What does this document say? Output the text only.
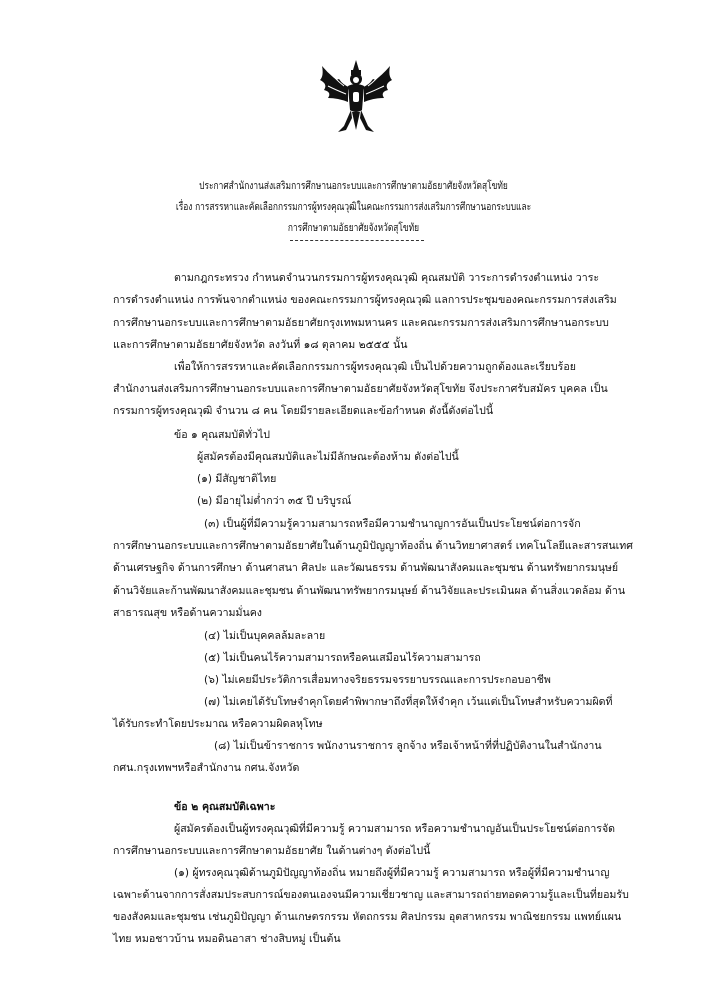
ประกาศสำนักงานส่งเสริมการศึกษานอกระบบและการศึกษาตามอัธยาศัยจังหวัดสุโขทัย
เรื่อง การสรรหาและคัดเลือกกรรมการผู้ทรงคุณวุฒิในคณะกรรมการส่งเสริมการศึกษานอกระบบและ
การศึกษาตามอัธยาศัยจังหวัดสุโขทัย
ตามกฎกระทรวง กำหนดจำนวนกรรมการผู้ทรงคุณวุฒิ คุณสมบัติ วาระการดำรงตำแหน่ง วาระ
การดำรงตำแหน่ง การพ้นจากตำแหน่ง ของคณะกรรมการผู้ทรงคุณวุฒิ แลการประชุมของคณะกรรมการส่งเสริม
การศึกษานอกระบบและการศึกษาตามอัธยาศัยกรุงเทพมหานคร และคณะกรรมการส่งเสริมการศึกษานอกระบบ
และการศึกษาตามอัธยาศัยจังหวัด ลงวันที่ ๑๘ ตุลาคม ๒๕๕๕ นั้น
เพื่อให้การสรรหาและคัดเลือกกรรมการผู้ทรงคุณวุฒิ เป็นไปด้วยความถูกต้องและเรียบร้อย
สำนักงานส่งเสริมการศึกษานอกระบบและการศึกษาตามอัธยาศัยจังหวัดสุโขทัย จึงประกาศรับสมัคร บุคคล เป็น
กรรมการผู้ทรงคุณวุฒิ จำนวน ๘ คน โดยมีรายละเอียดและข้อกำหนด ดังนี้ดังต่อไปนี้
ข้อ ๑ คุณสมบัติทั่วไป
ผู้สมัครต้องมีคุณสมบัติและไม่มีลักษณะต้องห้าม ดังต่อไปนี้
(๑) มีสัญชาติไทย
(๒) มีอายุไม่ต่ำกว่า ๓๕ ปี บริบูรณ์
(๓) เป็นผู้ที่มีความรู้ความสามารถหรือมีความชำนาญการอันเป็นประโยชน์ต่อการจัก
การศึกษานอกระบบและการศึกษาตามอัธยาศัยในด้านภูมิปัญญาท้องถิ่น ด้านวิทยาศาสตร์ เทคโนโลยีและสารสนเทศ
ด้านเศรษฐกิจ ด้านการศึกษา ด้านศาสนา ศิลปะ และวัฒนธรรม ด้านพัฒนาสังคมและชุมชน ด้านทรัพยากรมนุษย์
ด้านวิจัยและก้านพัฒนาสังคมและชุมชน ด้านพัฒนาทรัพยากรมนุษย์ ด้านวิจัยและประเมินผล ด้านสิ่งแวดล้อม ด้าน
สาธารณสุข หรือด้านความมั่นคง
(๔) ไม่เป็นบุคคลล้มละลาย
(๕) ไม่เป็นคนไร้ความสามารถหรือคนเสมือนไร้ความสามารถ
(๖) ไม่เคยมีประวัติการเสื่อมทางจริยธรรมจรรยาบรรณและการประกอบอาชีพ
(๗) ไม่เคยได้รับโทษจำคุกโดยคำพิพากษาถึงที่สุดให้จำคุก เว้นแต่เป็นโทษสำหรับความผิดที่
ได้รับกระทำโดยประมาณ หรือความผิดลหุโทษ
(๘) ไม่เป็นข้าราชการ พนักงานราชการ ลูกจ้าง หรือเจ้าหน้าที่ที่ปฏิบัติงานในสำนักงาน
กศน.กรุงเทพฯหรือสำนักงาน กศน.จังหวัด
ข้อ ๒ คุณสมบัติเฉพาะ
ผู้สมัครต้องเป็นผู้ทรงคุณวุฒิที่มีความรู้ ความสามารถ หรือความชำนาญอันเป็นประโยชน์ต่อการจัด
การศึกษานอกระบบและการศึกษาตามอัธยาศัย ในด้านต่างๆ ดังต่อไปนี้
(๑) ผู้ทรงคุณวุฒิด้านภูมิปัญญาท้องถิ่น หมายถึงผู้ที่มีความรู้ ความสามารถ หรือผู้ที่มีความชำนาญ
เฉพาะด้านจากการสั่งสมประสบการณ์ของตนเองจนมีความเชี่ยวชาญ และสามารถถ่ายทอดความรู้และเป็นที่ยอมรับ
ของสังคมและชุมชน เช่นภูมิปัญญา ด้านเกษตรกรรม หัตถกรรม ศิลปกรรม อุตสาหกรรม พาณิชยกรรม แพทย์แผน
ไทย หมอชาวบ้าน หมอดินอาสา ช่างสิบหมู่ เป็นต้น
